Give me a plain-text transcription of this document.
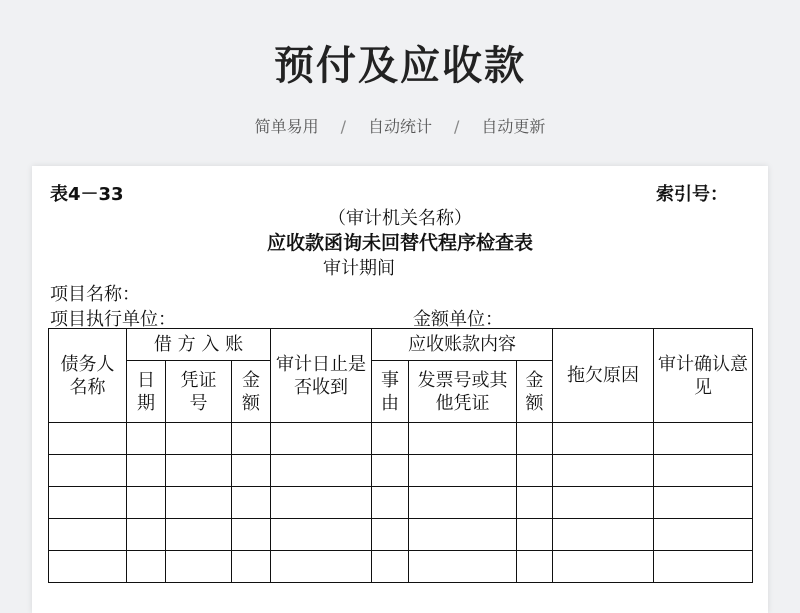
预付及应收款
简单易用 / 自动统计 / 自动更新
表4－33	索引号：
（审计机关名称）
应收款函询未回替代程序检查表
审计期间
项目名称：
项目执行单位：	金额单位：
债务人名称	借 方 入 账			审计日止是否收到	应收账款内容			拖欠原因	审计确认意见

	日期	凭证号	金额		事由	发票号或其他凭证	金额		
